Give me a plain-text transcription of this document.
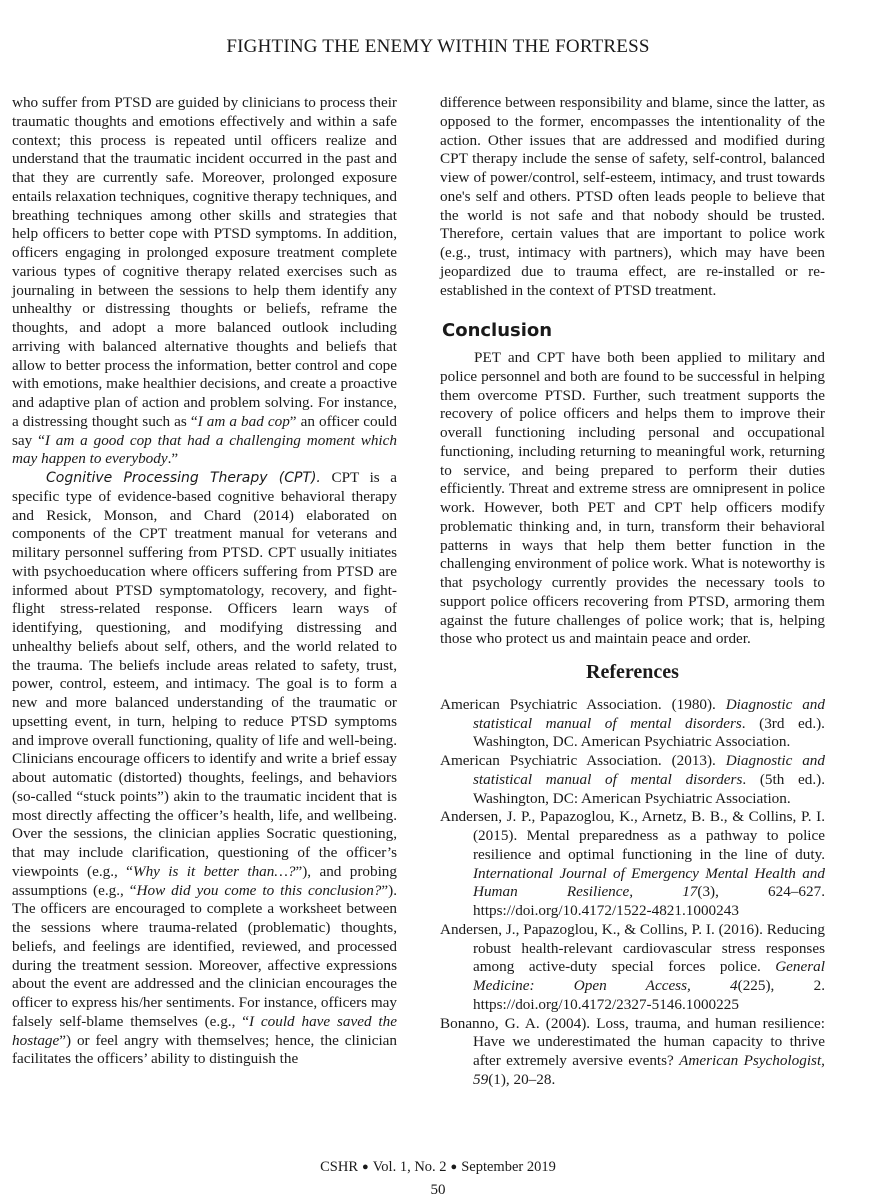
FIGHTING THE ENEMY WITHIN THE FORTRESS

who suffer from PTSD are guided by clinicians to process their traumatic thoughts and emotions effectively and within a safe context; this process is repeated until officers realize and understand that the traumatic incident occurred in the past and that they are currently safe. Moreover, prolonged exposure entails relaxation techniques, cognitive therapy techniques, and breathing techniques among other skills and strategies that help officers to better cope with PTSD symptoms. In addition, officers engaging in prolonged exposure treatment complete various types of cognitive therapy related exercises such as journaling in between the sessions to help them identify any unhealthy or distressing thoughts or beliefs, reframe the thoughts, and adopt a more balanced outlook including arriving with balanced alternative thoughts and beliefs that allow to better process the information, better control and cope with emotions, make healthier decisions, and create a proactive and adaptive plan of action and problem solving. For instance, a distressing thought such as “I am a bad cop” an officer could say “I am a good cop that had a challenging moment which may happen to everybody.”

Cognitive Processing Therapy (CPT). CPT is a specific type of evidence-based cognitive behavioral therapy and Resick, Monson, and Chard (2014) elaborated on components of the CPT treatment manual for veterans and military personnel suffering from PTSD. CPT usually initiates with psychoeducation where officers suffering from PTSD are informed about PTSD symptomatology, recovery, and fight-flight stress-related response. Officers learn ways of identifying, questioning, and modifying distressing and unhealthy beliefs about self, others, and the world related to the trauma. The beliefs include areas related to safety, trust, power, control, esteem, and intimacy. The goal is to form a new and more balanced understanding of the traumatic or upsetting event, in turn, helping to reduce PTSD symptoms and improve overall functioning, quality of life and well-being. Clinicians encourage officers to identify and write a brief essay about automatic (distorted) thoughts, feelings, and behaviors (so-called “stuck points”) akin to the traumatic incident that is most directly affecting the officer’s health, life, and wellbeing. Over the sessions, the clinician applies Socratic questioning, that may include clarification, questioning of the officer’s viewpoints (e.g., “Why is it better than…?”), and probing assumptions (e.g., “How did you come to this conclusion?”). The officers are encouraged to complete a worksheet between the sessions where trauma-related (problematic) thoughts, beliefs, and feelings are identified, reviewed, and processed during the treatment session. Moreover, affective expressions about the event are addressed and the clinician encourages the officer to express his/her sentiments. For instance, officers may falsely self-blame themselves (e.g., “I could have saved the hostage”) or feel angry with themselves; hence, the clinician facilitates the officers’ ability to distinguish the

difference between responsibility and blame, since the latter, as opposed to the former, encompasses the intentionality of the action. Other issues that are addressed and modified during CPT therapy include the sense of safety, self-control, balanced view of power/control, self-esteem, intimacy, and trust towards one's self and others. PTSD often leads people to believe that the world is not safe and that nobody should be trusted. Therefore, certain values that are important to police work (e.g., trust, intimacy with partners), which may have been jeopardized due to trauma effect, are re-installed or re-established in the context of PTSD treatment.

Conclusion

PET and CPT have both been applied to military and police personnel and both are found to be successful in helping them overcome PTSD. Further, such treatment supports the recovery of police officers and helps them to improve their overall functioning including personal and occupational functioning, including returning to meaningful work, returning to service, and being prepared to perform their duties efficiently. Threat and extreme stress are omnipresent in police work. However, both PET and CPT help officers modify problematic thinking and, in turn, transform their behavioral patterns in ways that help them better function in the challenging environment of police work. What is noteworthy is that psychology currently provides the necessary tools to support police officers recovering from PTSD, armoring them against the future challenges of police work; that is, helping those who protect us and maintain peace and order.

References

American Psychiatric Association. (1980). Diagnostic and statistical manual of mental disorders. (3rd ed.). Washington, DC. American Psychiatric Association.

American Psychiatric Association. (2013). Diagnostic and statistical manual of mental disorders. (5th ed.). Washington, DC: American Psychiatric Association.

Andersen, J. P., Papazoglou, K., Arnetz, B. B., & Collins, P. I. (2015). Mental preparedness as a pathway to police resilience and optimal functioning in the line of duty. International Journal of Emergency Mental Health and Human Resilience, 17(3), 624–627. https://doi.org/10.4172/1522-4821.1000243

Andersen, J., Papazoglou, K., & Collins, P. I. (2016). Reducing robust health-relevant cardiovascular stress responses among active-duty special forces police. General Medicine: Open Access, 4(225), 2. https://doi.org/10.4172/2327-5146.1000225

Bonanno, G. A. (2004). Loss, trauma, and human resilience: Have we underestimated the human capacity to thrive after extremely aversive events? American Psychologist, 59(1), 20–28.

CSHR ● Vol. 1, No. 2 ● September 2019
50
